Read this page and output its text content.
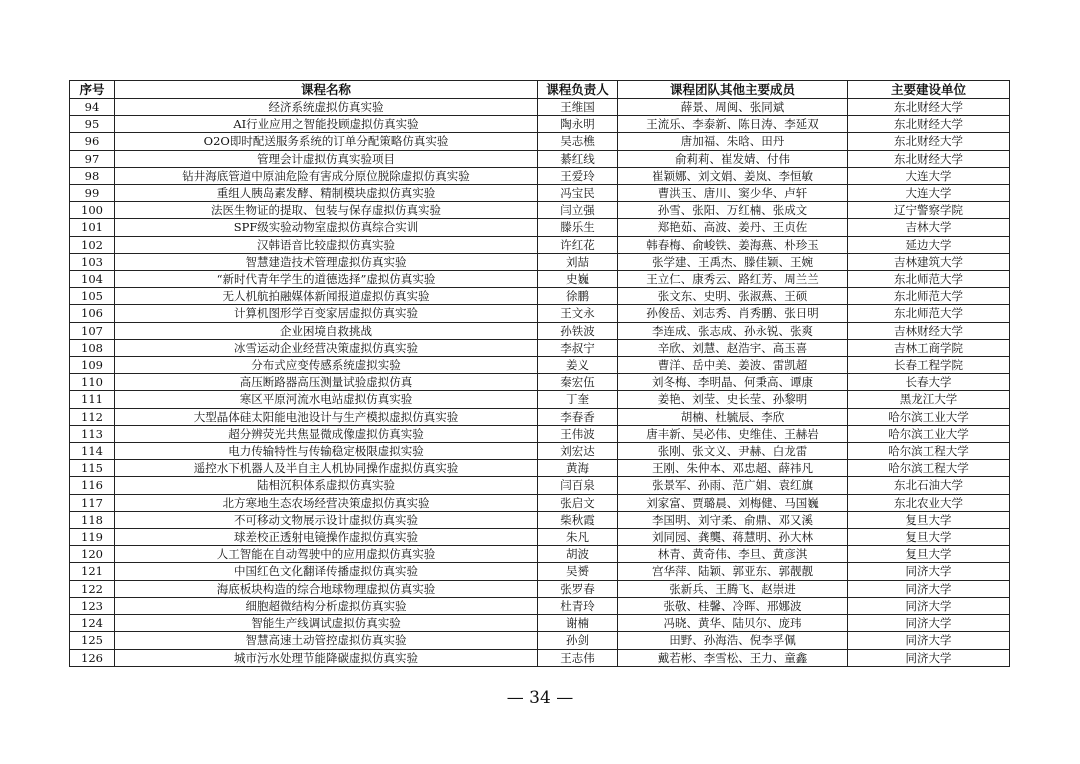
序号	课程名称	课程负责人	课程团队其他主要成员	主要建设单位
94	经济系统虚拟仿真实验	王维国	薛景、周闽、张同斌	东北财经大学
95	AI行业应用之智能投顾虚拟仿真实验	陶永明	王流乐、李泰新、陈日涛、李延双	东北财经大学
96	O2O即时配送服务系统的订单分配策略仿真实验	吴志樵	唐加福、朱晗、田丹	东北财经大学
97	管理会计虚拟仿真实验项目	綦红线	俞莉莉、崔发婧、付伟	东北财经大学
98	钻井海底管道中原油危险有害成分原位脱除虚拟仿真实验	王爱玲	崔颖娜、刘文娟、姜岚、李恒敏	大连大学
99	重组人胰岛素发酵、精制模块虚拟仿真实验	冯宝民	曹洪玉、唐川、窦少华、卢轩	大连大学
100	法医生物证的提取、包装与保存虚拟仿真实验	闫立强	孙雪、张阳、万红楠、张成文	辽宁警察学院
101	SPF级实验动物室虚拟仿真综合实训	滕乐生	郑艳茹、高波、姜丹、王贞佐	吉林大学
102	汉韩语音比较虚拟仿真实验	许红花	韩春梅、俞峻铁、姜海燕、朴珍玉	延边大学
103	智慧建造技术管理虚拟仿真实验	刘喆	张学建、王禹杰、滕佳颖、王婉	吉林建筑大学
104	“新时代青年学生的道德选择”虚拟仿真实验	史巍	王立仁、康秀云、路红芳、周兰兰	东北师范大学
105	无人机航拍融媒体新闻报道虚拟仿真实验	徐鹏	张文东、史明、张淑燕、王硕	东北师范大学
106	计算机图形学百变家居虚拟仿真实验	王文永	孙俊岳、刘志秀、肖秀鹏、张日明	东北师范大学
107	企业困境自救挑战	孙铁波	李连成、张志成、孙永锐、张爽	吉林财经大学
108	冰雪运动企业经营决策虚拟仿真实验	李叔宁	辛欣、刘慧、赵浩宇、高玉喜	吉林工商学院
109	分布式应变传感系统虚拟实验	姜义	曹洋、岳中美、姜波、雷凯超	长春工程学院
110	高压断路器高压测量试验虚拟仿真	秦宏伍	刘冬梅、李明晶、何秉高、谭康	长春大学
111	寒区平原河流水电站虚拟仿真实验	丁奎	姜艳、刘莹、史长莹、孙黎明	黑龙江大学
112	大型晶体硅太阳能电池设计与生产模拟虚拟仿真实验	李春香	胡楠、杜毓辰、李欣	哈尔滨工业大学
113	超分辨荧光共焦显微成像虚拟仿真实验	王伟波	唐丰新、吴必伟、史维佳、王赫岩	哈尔滨工业大学
114	电力传输特性与传输稳定极限虚拟实验	刘宏达	张刚、张文义、尹赫、白龙雷	哈尔滨工程大学
115	遥控水下机器人及半自主人机协同操作虚拟仿真实验	黄海	王刚、朱仲本、邓忠超、薛祎凡	哈尔滨工程大学
116	陆相沉积体系虚拟仿真实验	闫百泉	张景军、孙雨、范广娟、袁红旗	东北石油大学
117	北方寒地生态农场经营决策虚拟仿真实验	张启文	刘家富、贾璐晨、刘梅健、马国巍	东北农业大学
118	不可移动文物展示设计虚拟仿真实验	柴秋霞	李国明、刘守柔、俞鼎、邓又溪	复旦大学
119	球差校正透射电镜操作虚拟仿真实验	朱凡	刘同园、龚龑、蒋慧明、孙大林	复旦大学
120	人工智能在自动驾驶中的应用虚拟仿真实验	胡波	林青、黄奇伟、李旦、黄彦淇	复旦大学
121	中国红色文化翻译传播虚拟仿真实验	吴赟	宫华萍、陆颖、郭亚东、郭靓靓	同济大学
122	海底板块构造的综合地球物理虚拟仿真实验	张罗春	张新兵、王腾飞、赵崇进	同济大学
123	细胞超微结构分析虚拟仿真实验	杜青玲	张敬、桂馨、冷晖、邢娜波	同济大学
124	智能生产线调试虚拟仿真实验	谢楠	冯晓、黄华、陆贝尔、庞玮	同济大学
125	智慧高速土动管控虚拟仿真实验	孙剑	田野、孙海浩、倪李孚佩	同济大学
126	城市污水处理节能降碳虚拟仿真实验	王志伟	戴若彬、李雪松、王力、童鑫	同济大学
— 34 —
